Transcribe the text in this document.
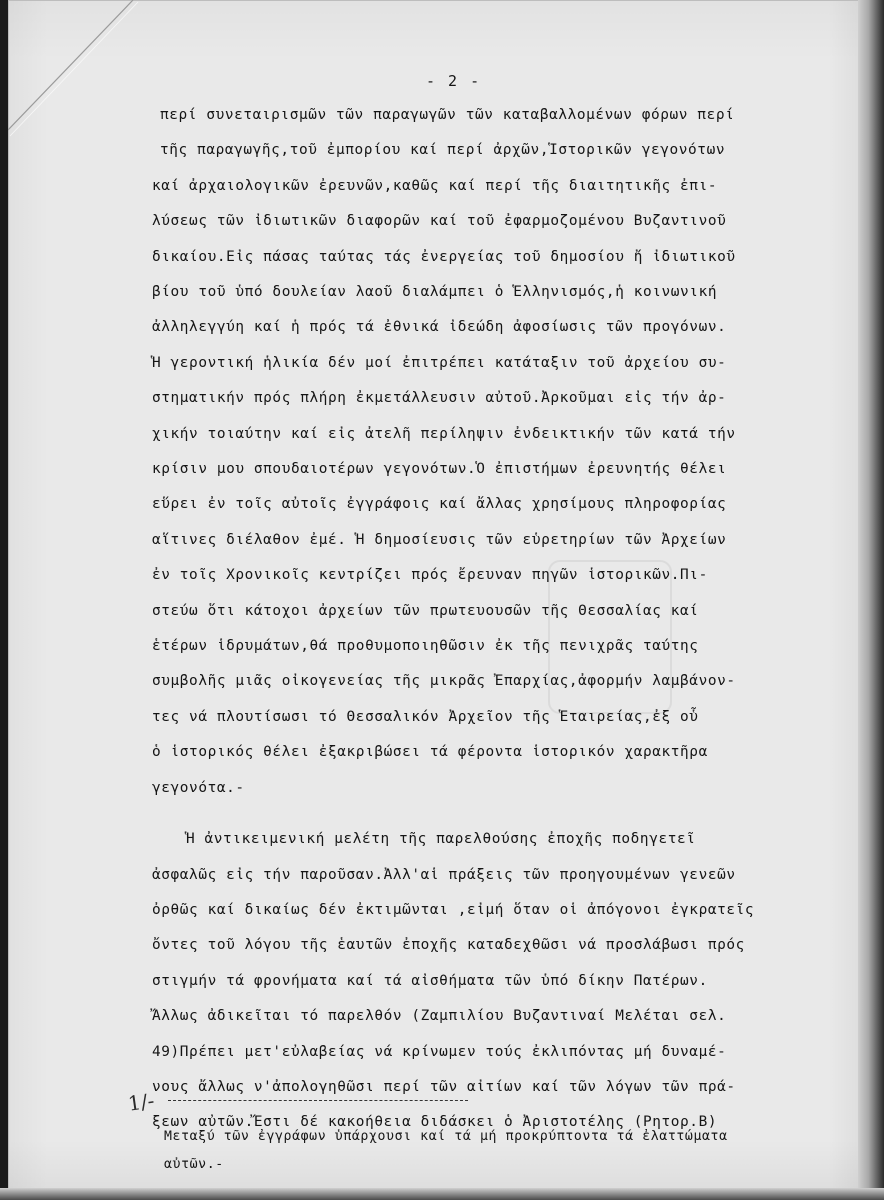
- 2 -
περί συνεταιρισμῶν τῶν παραγωγῶν τῶν καταβαλλομένων φόρων περί
τῆς παραγωγῆς,τοῦ ἐμπορίου καί περί ἀρχῶν,Ἱστορικῶν γεγονότων
καί ἀρχαιολογικῶν ἐρευνῶν,καθῶς καί περί τῆς διαιτητικῆς ἐπι-
λύσεως τῶν ἰδιωτικῶν διαφορῶν καί τοῦ ἐφαρμοζομένου Βυζαντινοῦ
δικαίου.Εἰς πάσας ταύτας τάς ἐνεργείας τοῦ δημοσίου ἤ ἰδιωτικοῦ
βίου τοῦ ὑπό δουλείαν λαοῦ διαλάμπει ὁ Ἑλληνισμός,ἡ κοινωνική
ἀλληλεγγύη καί ἡ πρός τά ἐθνικά ἰδεώδη ἀφοσίωσις τῶν προγόνων.
Ἡ γεροντική ἡλικία δέν μοί ἐπιτρέπει κατάταξιν τοῦ ἀρχείου συ-
στηματικήν πρός πλήρη ἐκμετάλλευσιν αὐτοῦ.Ἀρκοῦμαι εἰς τήν ἀρ-
χικήν τοιαύτην καί εἰς ἀτελῆ περίληψιν ἐνδεικτικήν τῶν κατά τήν
κρίσιν μου σπουδαιοτέρων γεγονότων.Ὁ ἐπιστήμων ἐρευνητής θέλει
εὕρει ἐν τοῖς αὐτοῖς ἐγγράφοις καί ἄλλας χρησίμους πληροφορίας
αἵτινες διέλαθον ἐμέ. Ἡ δημοσίευσις τῶν εὑρετηρίων τῶν Ἀρχείων
ἐν τοῖς Χρονικοῖς κεντρίζει πρός ἔρευναν πηγῶν ἱστορικῶν.Πι-
στεύω ὅτι κάτοχοι ἀρχείων τῶν πρωτευουσῶν τῆς Θεσσαλίας καί
ἑτέρων ἱδρυμάτων,θά προθυμοποιηθῶσιν ἐκ τῆς πενιχρᾶς ταύτης
συμβολῆς μιᾶς οἰκογενείας τῆς μικρᾶς Ἐπαρχίας,ἀφορμήν λαμβάνον-
τες νά πλουτίσωσι τό Θεσσαλικόν Ἀρχεῖον τῆς Ἑταιρείας,ἐξ οὗ
ὁ ἱστορικός θέλει ἐξακριβώσει τά φέροντα ἱστορικόν χαρακτῆρα
γεγονότα.-
Ἡ ἀντικειμενική μελέτη τῆς παρελθούσης ἐποχῆς ποδηγετεῖ
ἀσφαλῶς εἰς τήν παροῦσαν.Ἀλλ'αἱ πράξεις τῶν προηγουμένων γενεῶν
ὀρθῶς καί δικαίως δέν ἐκτιμῶνται ,εἰμή ὅταν οἱ ἀπόγονοι ἐγκρατεῖς
ὄντες τοῦ λόγου τῆς ἑαυτῶν ἐποχῆς καταδεχθῶσι νά προσλάβωσι πρός
στιγμήν τά φρονήματα καί τά αἰσθήματα τῶν ὑπό δίκην Πατέρων.
Ἄλλως ἀδικεῖται τό παρελθόν (Ζαμπιλίου Βυζαντιναί Μελέται σελ.
49)Πρέπει μετ'εὐλαβείας νά κρίνωμεν τούς ἐκλιπόντας μή δυναμέ-
νους ἄλλως ν'ἀπολογηθῶσι περί τῶν αἰτίων καί τῶν λόγων τῶν πρά-
ξεων αὐτῶν.Ἔστι δέ κακοήθεια διδάσκει ὁ Ἀριστοτέλης (Ρητορ.Β)
1/-
Μεταξύ τῶν ἐγγράφων ὑπάρχουσι καί τά μή προκρύπτοντα τά ἐλαττώματα
αὐτῶν.-
